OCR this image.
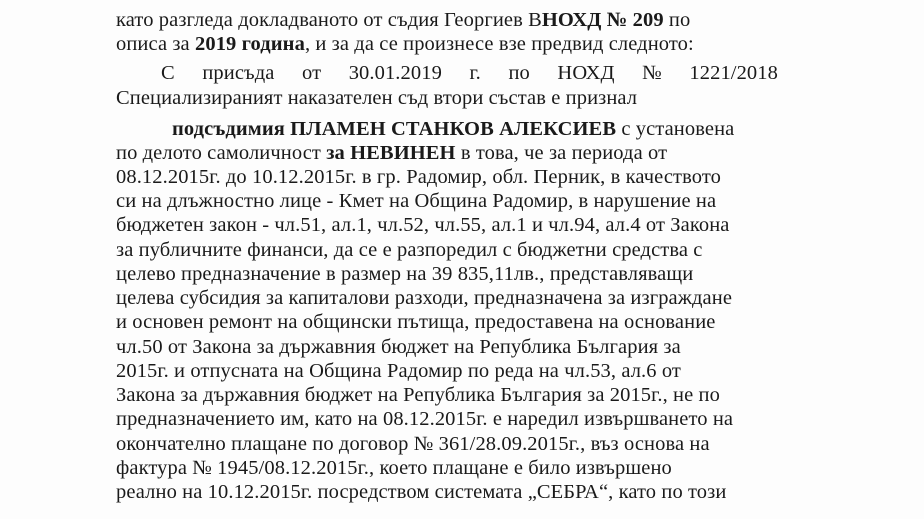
като разгледа докладваното от съдия Георгиев ВНОХД № 209 по
описа за 2019 година, и за да се произнесе взе предвид следното:
С присъда от 30.01.2019 г. по НОХД № 1221/2018
Специализираният наказателен съд втори състав е признал
подсъдимия ПЛАМЕН СТАНКОВ АЛЕКСИЕВ с установена
по делото самоличност за НЕВИНЕН в това, че за периода от
08.12.2015г. до 10.12.2015г. в гр. Радомир, обл. Перник, в качеството
си на длъжностно лице - Кмет на Община Радомир, в нарушение на
бюджетен закон - чл.51, ал.1, чл.52, чл.55, ал.1 и чл.94, ал.4 от Закона
за публичните финанси, да се е разпоредил с бюджетни средства с
целево предназначение в размер на 39 835,11лв., представляващи
целева субсидия за капиталови разходи, предназначена за изграждане
и основен ремонт на общински пътища, предоставена на основание
чл.50 от Закона за държавния бюджет на Република България за
2015г. и отпусната на Община Радомир по реда на чл.53, ал.6 от
Закона за държавния бюджет на Република България за 2015г., не по
предназначението им, като на 08.12.2015г. е наредил извършването на
окончателно плащане по договор № 361/28.09.2015г., въз основа на
фактура № 1945/08.12.2015г., което плащане е било извършено
реално на 10.12.2015г. посредством системата „СЕБРА“, като по този
